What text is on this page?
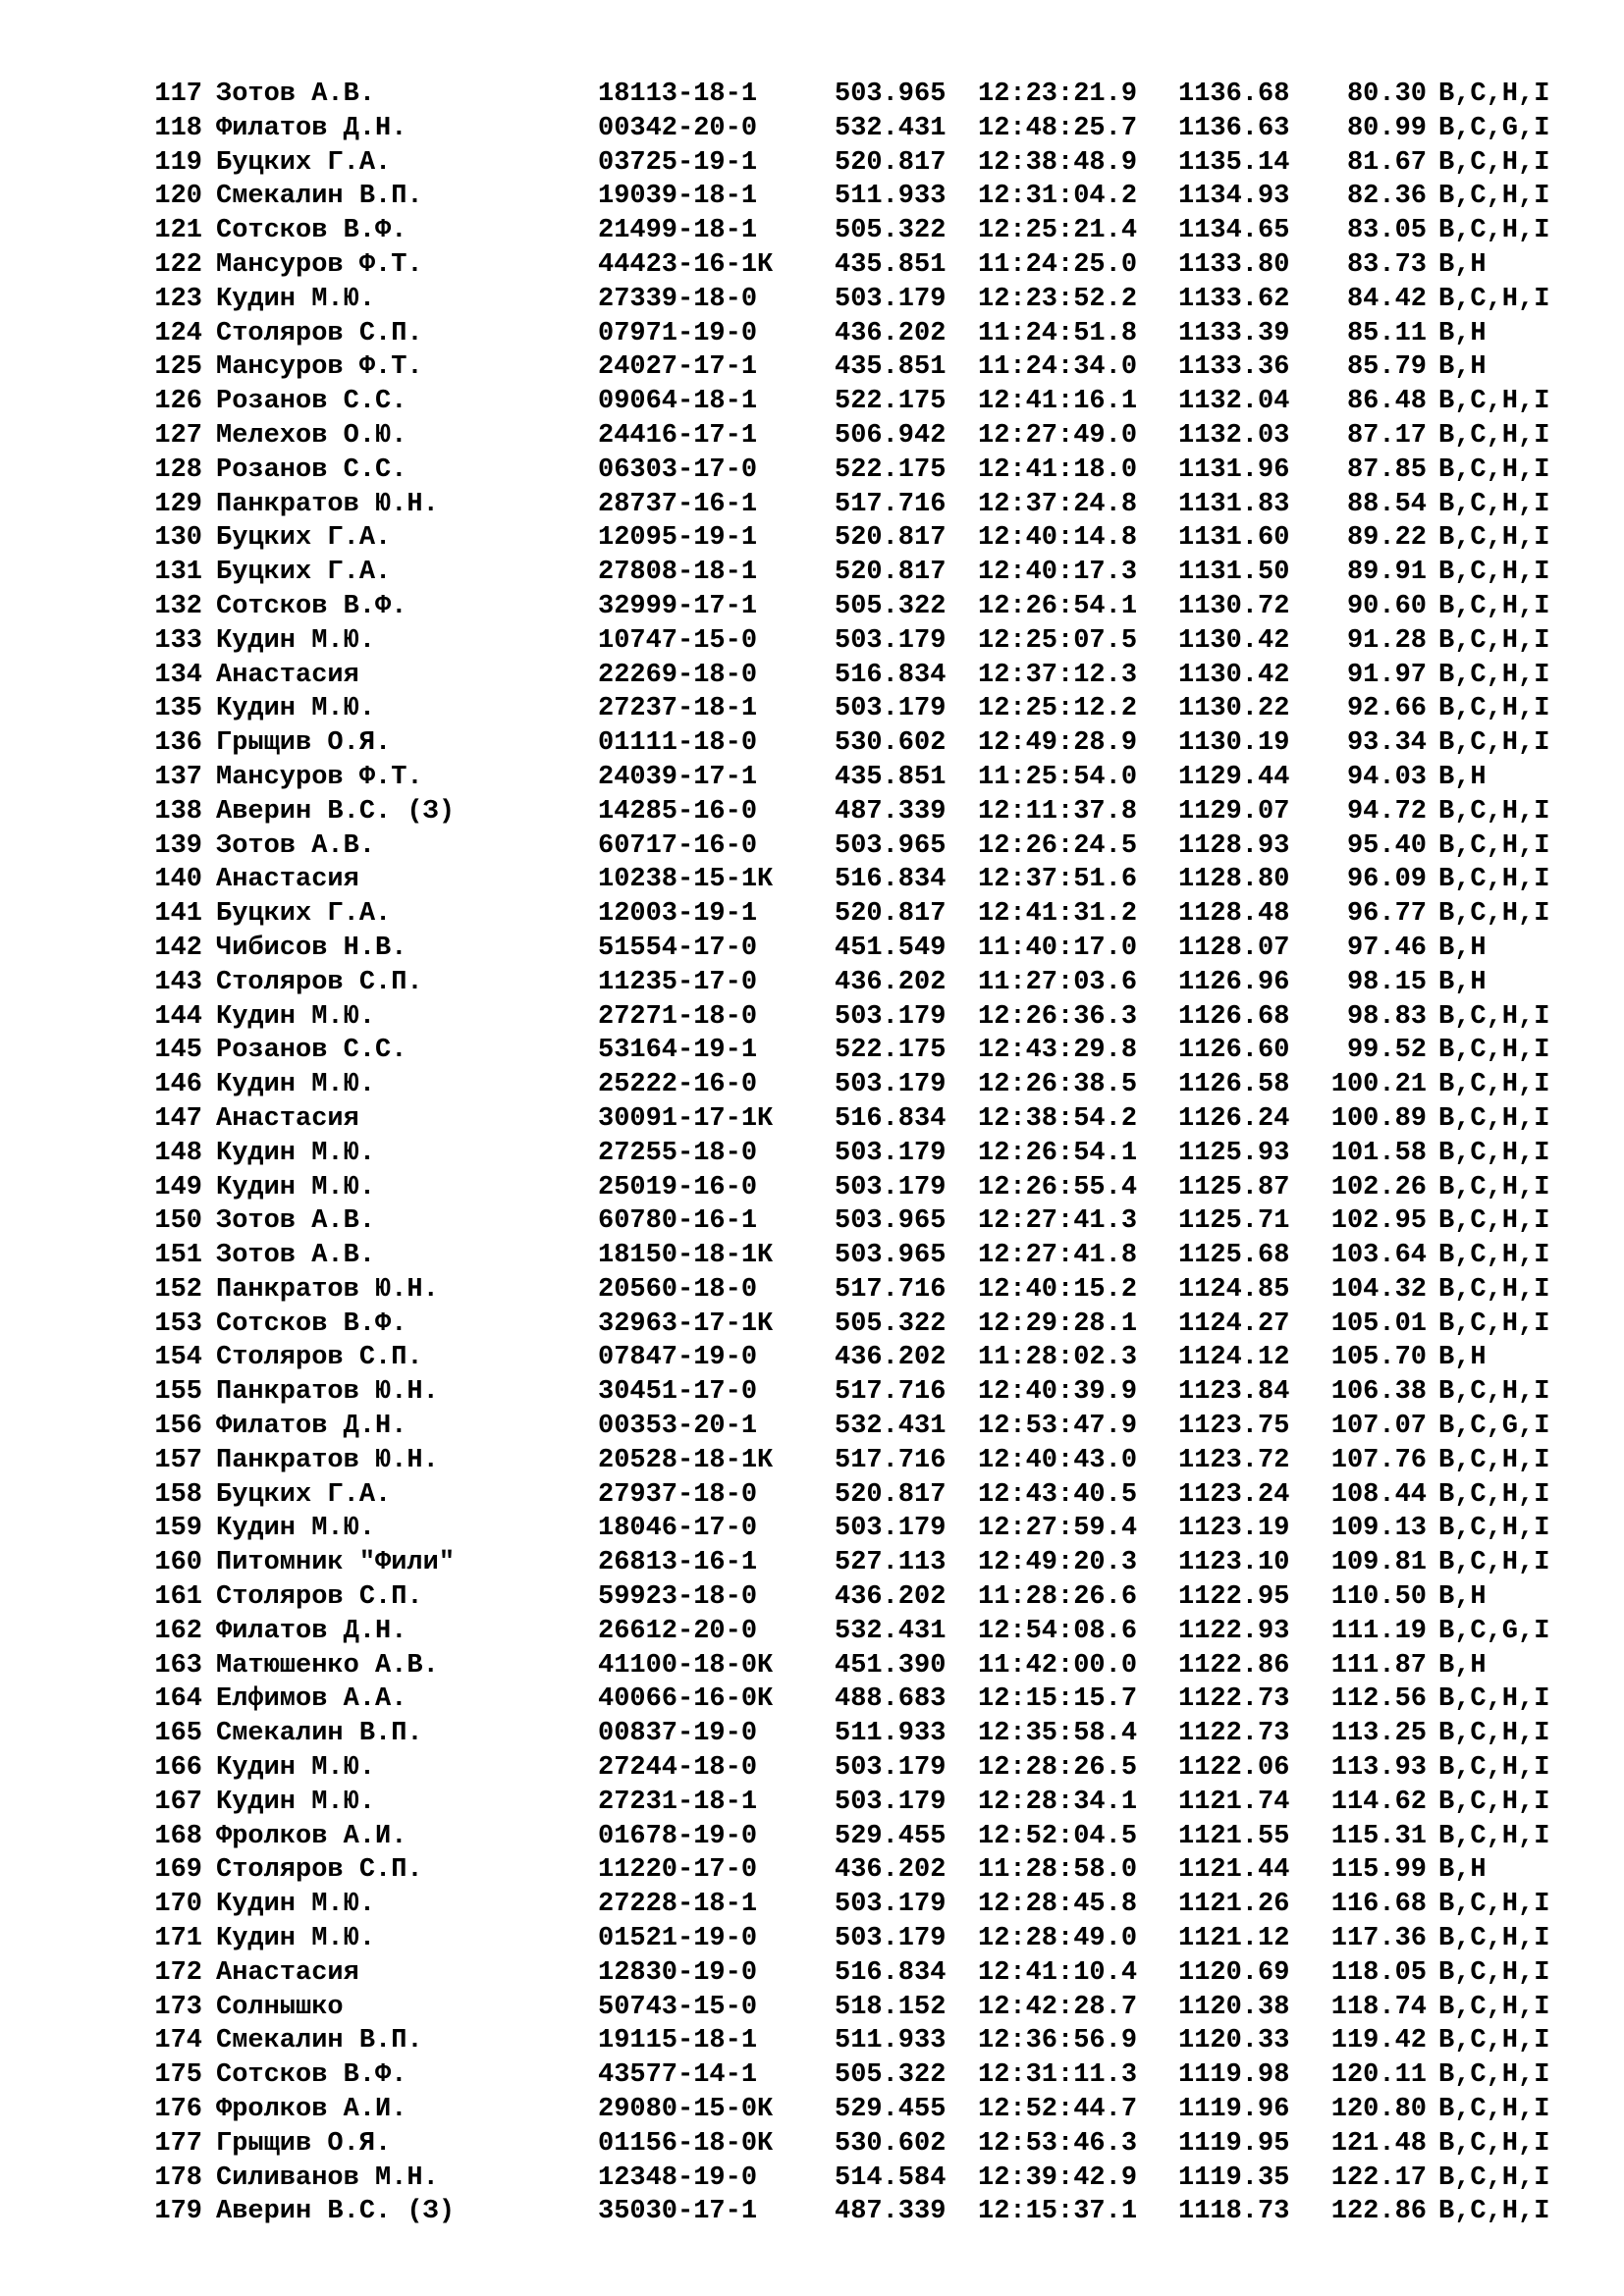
117 Зотов А.В.	18113-18-1	503.965 12:23:21.9 1136.68	80.30 B,C,H,I
118 Филатов Д.Н.	00342-20-0	532.431 12:48:25.7 1136.63	80.99 B,C,G,I
119 Буцких Г.А.	03725-19-1	520.817 12:38:48.9 1135.14	81.67 B,C,H,I
120 Смекалин В.П.	19039-18-1	511.933 12:31:04.2 1134.93	82.36 B,C,H,I
121 Сотсков В.Ф.	21499-18-1	505.322 12:25:21.4 1134.65	83.05 B,C,H,I
122 Мансуров Ф.Т.	44423-16-1К 435.851 11:24:25.0 1133.80	83.73 B,H
123 Кудин М.Ю.	27339-18-0	503.179 12:23:52.2 1133.62	84.42 B,C,H,I
124 Столяров С.П.	07971-19-0	436.202 11:24:51.8 1133.39	85.11 B,H
125 Мансуров Ф.Т.	24027-17-1	435.851 11:24:34.0 1133.36	85.79 B,H
126 Розанов С.С.	09064-18-1	522.175 12:41:16.1 1132.04	86.48 B,C,H,I
127 Мелехов О.Ю.	24416-17-1	506.942 12:27:49.0 1132.03	87.17 B,C,H,I
128 Розанов С.С.	06303-17-0	522.175 12:41:18.0 1131.96	87.85 B,C,H,I
129 Панкратов Ю.Н.	28737-16-1	517.716 12:37:24.8 1131.83	88.54 B,C,H,I
130 Буцких Г.А.	12095-19-1	520.817 12:40:14.8 1131.60	89.22 B,C,H,I
131 Буцких Г.А.	27808-18-1	520.817 12:40:17.3 1131.50	89.91 B,C,H,I
132 Сотсков В.Ф.	32999-17-1	505.322 12:26:54.1 1130.72	90.60 B,C,H,I
133 Кудин М.Ю.	10747-15-0	503.179 12:25:07.5 1130.42	91.28 B,C,H,I
134 Анастасия	22269-18-0	516.834 12:37:12.3 1130.42	91.97 B,C,H,I
135 Кудин М.Ю.	27237-18-1	503.179 12:25:12.2 1130.22	92.66 B,C,H,I
136 Грыщив О.Я.	01111-18-0	530.602 12:49:28.9 1130.19	93.34 B,C,H,I
137 Мансуров Ф.Т.	24039-17-1	435.851 11:25:54.0 1129.44	94.03 B,H
138 Аверин В.С. (З)	14285-16-0	487.339 12:11:37.8 1129.07	94.72 B,C,H,I
139 Зотов А.В.	60717-16-0	503.965 12:26:24.5 1128.93	95.40 B,C,H,I
140 Анастасия	10238-15-1К 516.834 12:37:51.6 1128.80	96.09 B,C,H,I
141 Буцких Г.А.	12003-19-1	520.817 12:41:31.2 1128.48	96.77 B,C,H,I
142 Чибисов Н.В.	51554-17-0	451.549 11:40:17.0 1128.07	97.46 B,H
143 Столяров С.П.	11235-17-0	436.202 11:27:03.6 1126.96	98.15 B,H
144 Кудин М.Ю.	27271-18-0	503.179 12:26:36.3 1126.68	98.83 B,C,H,I
145 Розанов С.С.	53164-19-1	522.175 12:43:29.8 1126.60	99.52 B,C,H,I
146 Кудин М.Ю.	25222-16-0	503.179 12:26:38.5 1126.58	100.21 B,C,H,I
147 Анастасия	30091-17-1К 516.834 12:38:54.2 1126.24	100.89 B,C,H,I
148 Кудин М.Ю.	27255-18-0	503.179 12:26:54.1 1125.93	101.58 B,C,H,I
149 Кудин М.Ю.	25019-16-0	503.179 12:26:55.4 1125.87	102.26 B,C,H,I
150 Зотов А.В.	60780-16-1	503.965 12:27:41.3 1125.71	102.95 B,C,H,I
151 Зотов А.В.	18150-18-1К 503.965 12:27:41.8 1125.68	103.64 B,C,H,I
152 Панкратов Ю.Н.	20560-18-0	517.716 12:40:15.2 1124.85	104.32 B,C,H,I
153 Сотсков В.Ф.	32963-17-1К 505.322 12:29:28.1 1124.27	105.01 B,C,H,I
154 Столяров С.П.	07847-19-0	436.202 11:28:02.3 1124.12	105.70 B,H
155 Панкратов Ю.Н.	30451-17-0	517.716 12:40:39.9 1123.84	106.38 B,C,H,I
156 Филатов Д.Н.	00353-20-1	532.431 12:53:47.9 1123.75	107.07 B,C,G,I
157 Панкратов Ю.Н.	20528-18-1К 517.716 12:40:43.0 1123.72	107.76 B,C,H,I
158 Буцких Г.А.	27937-18-0	520.817 12:43:40.5 1123.24	108.44 B,C,H,I
159 Кудин М.Ю.	18046-17-0	503.179 12:27:59.4 1123.19	109.13 B,C,H,I
160 Питомник "Фили"	26813-16-1	527.113 12:49:20.3 1123.10	109.81 B,C,H,I
161 Столяров С.П.	59923-18-0	436.202 11:28:26.6 1122.95	110.50 B,H
162 Филатов Д.Н.	26612-20-0	532.431 12:54:08.6 1122.93	111.19 B,C,G,I
163 Матюшенко А.В.	41100-18-0К 451.390 11:42:00.0 1122.86	111.87 B,H
164 Елфимов А.А.	40066-16-0К 488.683 12:15:15.7 1122.73	112.56 B,C,H,I
165 Смекалин В.П.	00837-19-0	511.933 12:35:58.4 1122.73	113.25 B,C,H,I
166 Кудин М.Ю.	27244-18-0	503.179 12:28:26.5 1122.06	113.93 B,C,H,I
167 Кудин М.Ю.	27231-18-1	503.179 12:28:34.1 1121.74	114.62 B,C,H,I
168 Фролков А.И.	01678-19-0	529.455 12:52:04.5 1121.55	115.31 B,C,H,I
169 Столяров С.П.	11220-17-0	436.202 11:28:58.0 1121.44	115.99 B,H
170 Кудин М.Ю.	27228-18-1	503.179 12:28:45.8 1121.26	116.68 B,C,H,I
171 Кудин М.Ю.	01521-19-0	503.179 12:28:49.0 1121.12	117.36 B,C,H,I
172 Анастасия	12830-19-0	516.834 12:41:10.4 1120.69	118.05 B,C,H,I
173 Солнышко	50743-15-0	518.152 12:42:28.7 1120.38	118.74 B,C,H,I
174 Смекалин В.П.	19115-18-1	511.933 12:36:56.9 1120.33	119.42 B,C,H,I
175 Сотсков В.Ф.	43577-14-1	505.322 12:31:11.3 1119.98	120.11 B,C,H,I
176 Фролков А.И.	29080-15-0К 529.455 12:52:44.7 1119.96	120.80 B,C,H,I
177 Грыщив О.Я.	01156-18-0К 530.602 12:53:46.3 1119.95	121.48 B,C,H,I
178 Силиванов М.Н.	12348-19-0	514.584 12:39:42.9 1119.35	122.17 B,C,H,I
179 Аверин В.С. (З)	35030-17-1	487.339 12:15:37.1 1118.73	122.86 B,C,H,I
